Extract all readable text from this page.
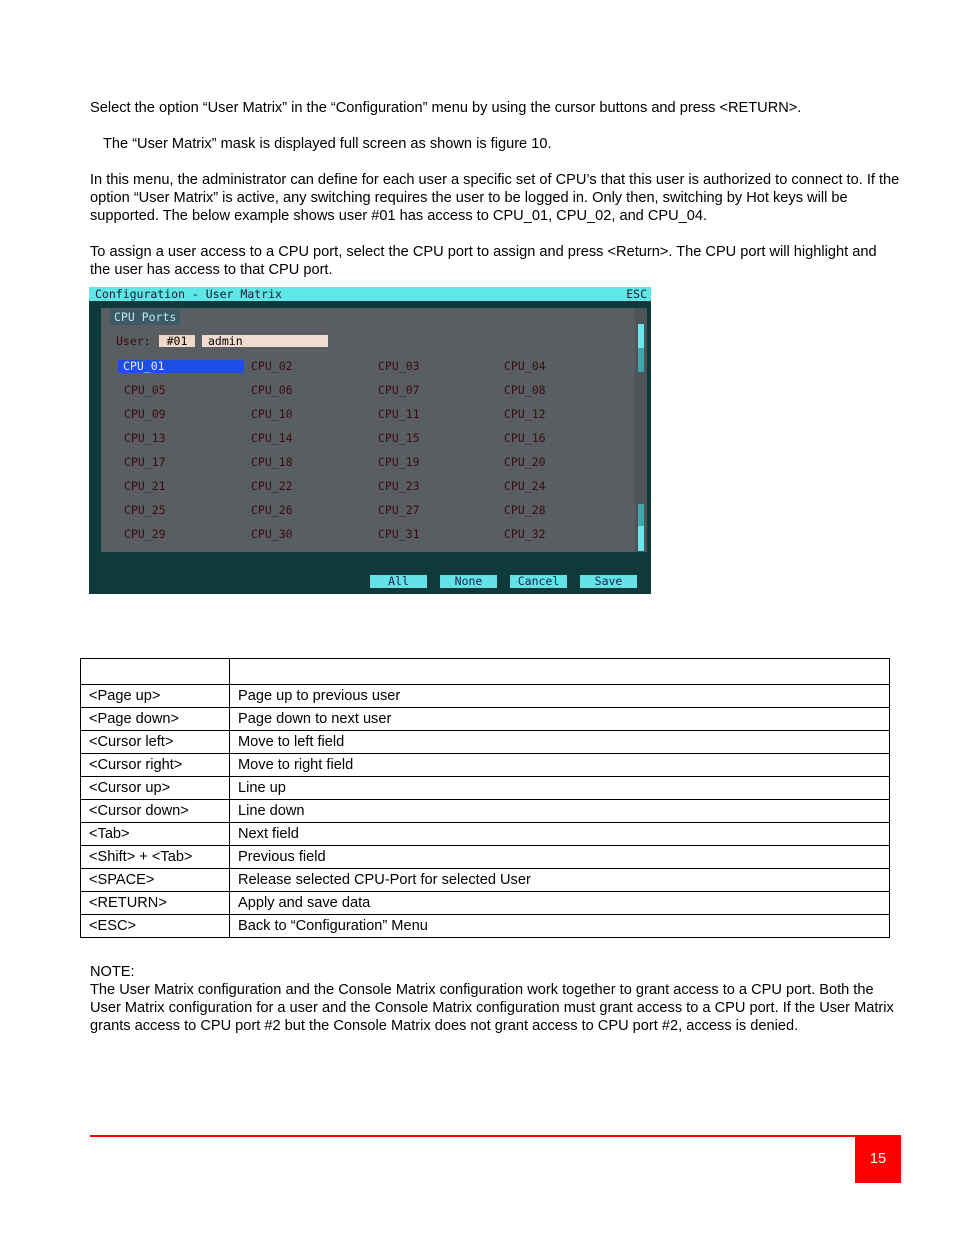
Select the option “User Matrix” in the “Configuration” menu by using the cursor buttons and press <RETURN>.

The “User Matrix” mask is displayed full screen as shown is figure 10.

In this menu, the administrator can define for each user a specific set of CPU’s that this user is authorized to connect to. If the option “User Matrix” is active, any switching requires the user to be logged in. Only then, switching by Hot keys will be supported. The below example shows user #01 has access to CPU_01, CPU_02, and CPU_04.

To assign a user access to a CPU port, select the CPU port to assign and press <Return>. The CPU port will highlight and the user has access to that CPU port.

Configuration - User Matrix	ESC
CPU Ports
User:	#01	admin
CPU_01	CPU_02	CPU_03	CPU_04
CPU_05	CPU_06	CPU_07	CPU_08
CPU_09	CPU_10	CPU_11	CPU_12
CPU_13	CPU_14	CPU_15	CPU_16
CPU_17	CPU_18	CPU_19	CPU_20
CPU_21	CPU_22	CPU_23	CPU_24
CPU_25	CPU_26	CPU_27	CPU_28
CPU_29	CPU_30	CPU_31	CPU_32
All	None	Cancel	Save

<Page up>	Page up to previous user
<Page down>	Page down to next user
<Cursor left>	Move to left field
<Cursor right>	Move to right field
<Cursor up>	Line up
<Cursor down>	Line down
<Tab>	Next field
<Shift> + <Tab>	Previous field
<SPACE>	Release selected CPU-Port for selected User
<RETURN>	Apply and save data
<ESC>	Back to “Configuration” Menu

NOTE:

The User Matrix configuration and the Console Matrix configuration work together to grant access to a CPU port. Both the User Matrix configuration for a user and the Console Matrix configuration must grant access to a CPU port. If the User Matrix grants access to CPU port #2 but the Console Matrix does not grant access to CPU port #2, access is denied.

15
